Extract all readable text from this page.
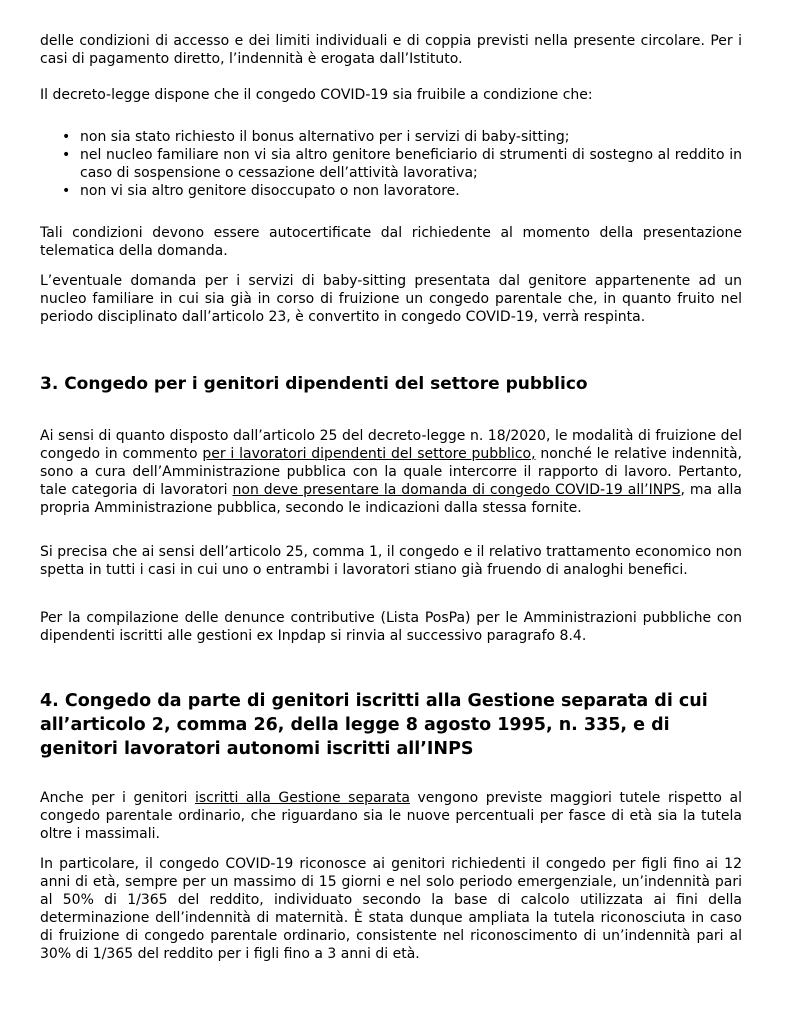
delle condizioni di accesso e dei limiti individuali e di coppia previsti nella presente circolare. Per i casi di pagamento diretto, l’indennità è erogata dall’Istituto.

Il decreto-legge dispone che il congedo COVID-19 sia fruibile a condizione che:

• non sia stato richiesto il bonus alternativo per i servizi di baby-sitting;
• nel nucleo familiare non vi sia altro genitore beneficiario di strumenti di sostegno al reddito in caso di sospensione o cessazione dell’attività lavorativa;
• non vi sia altro genitore disoccupato o non lavoratore.

Tali condizioni devono essere autocertificate dal richiedente al momento della presentazione telematica della domanda.

L’eventuale domanda per i servizi di baby-sitting presentata dal genitore appartenente ad un nucleo familiare in cui sia già in corso di fruizione un congedo parentale che, in quanto fruito nel periodo disciplinato dall’articolo 23, è convertito in congedo COVID-19, verrà respinta.

3. Congedo per i genitori dipendenti del settore pubblico

Ai sensi di quanto disposto dall’articolo 25 del decreto-legge n. 18/2020, le modalità di fruizione del congedo in commento per i lavoratori dipendenti del settore pubblico, nonché le relative indennità, sono a cura dell’Amministrazione pubblica con la quale intercorre il rapporto di lavoro. Pertanto, tale categoria di lavoratori non deve presentare la domanda di congedo COVID-19 all’INPS, ma alla propria Amministrazione pubblica, secondo le indicazioni dalla stessa fornite.

Si precisa che ai sensi dell’articolo 25, comma 1, il congedo e il relativo trattamento economico non spetta in tutti i casi in cui uno o entrambi i lavoratori stiano già fruendo di analoghi benefici.

Per la compilazione delle denunce contributive (Lista PosPa) per le Amministrazioni pubbliche con dipendenti iscritti alle gestioni ex Inpdap si rinvia al successivo paragrafo 8.4.

4. Congedo da parte di genitori iscritti alla Gestione separata di cui all’articolo 2, comma 26, della legge 8 agosto 1995, n. 335, e di genitori lavoratori autonomi iscritti all’INPS

Anche per i genitori iscritti alla Gestione separata vengono previste maggiori tutele rispetto al congedo parentale ordinario, che riguardano sia le nuove percentuali per fasce di età sia la tutela oltre i massimali.

In particolare, il congedo COVID-19 riconosce ai genitori richiedenti il congedo per figli fino ai 12 anni di età, sempre per un massimo di 15 giorni e nel solo periodo emergenziale, un’indennità pari al 50% di 1/365 del reddito, individuato secondo la base di calcolo utilizzata ai fini della determinazione dell’indennità di maternità. È stata dunque ampliata la tutela riconosciuta in caso di fruizione di congedo parentale ordinario, consistente nel riconoscimento di un’indennità pari al 30% di 1/365 del reddito per i figli fino a 3 anni di età.
